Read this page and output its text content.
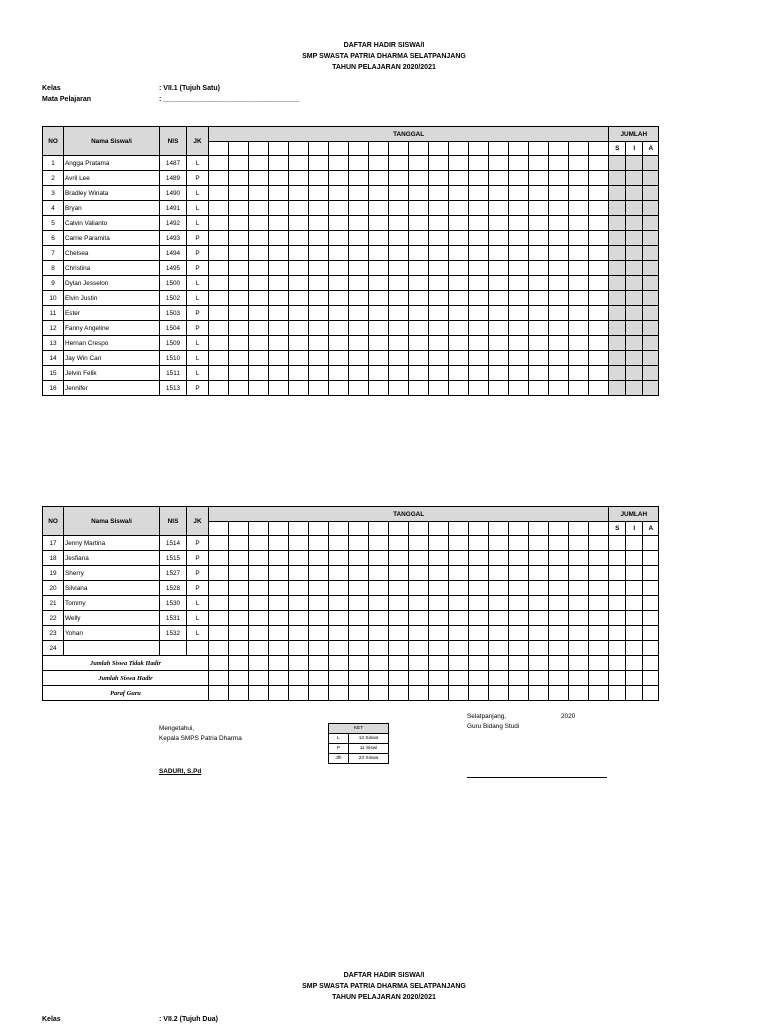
DAFTAR HADIR SISWA/I
SMP SWASTA PATRIA DHARMA SELATPANJANG
TAHUN PELAJARAN 2020/2021
Kelas	: VII.1 (Tujuh Satu)
Mata Pelajaran	: ___________________________________
NO	Nama Siswa/i	NIS	JK	TANGGAL																				JUMLAH		
																								S	I	A
1	Angga Pratama	1487	L																							
2	Avril Lee	1489	P																							
3	Bradley Winata	1490	L																							
4	Bryan	1491	L																							
5	Calvin Valianto	1492	L																							
6	Carrie Paramita	1493	P																							
7	Chelsea	1494	P																							
8	Christina	1495	P																							
9	Dylan Jesselon	1500	L																							
10	Elvin Justin	1502	L																							
11	Ester	1503	P																							
12	Fanny Angeline	1504	P																							
13	Hernan Crespo	1509	L																							
14	Jay Win Can	1510	L																							
15	Jelvin Felik	1511	L																							
16	Jennifer	1513	P																							
NO	Nama Siswa/i	NIS	JK	TANGGAL																				JUMLAH		
																								S	I	A
17	Jenny Martina	1514	P																							
18	Jesfiana	1515	P																							
19	Sherry	1527	P																							
20	Silviana	1528	P																							
21	Tommy	1530	L																							
22	Welly	1531	L																							
23	Yohan	1532	L																							
24																										
Jumlah Siswa Tidak Hadir																										
Jumlah Siswa Hadir																										
Paraf Guru																										
Mengetahui,
Kepala SMPS Patria Dharma
SADURI, S.Pd
KET	
L	12 Siswa
P	11 Siswi
Jlh	23 Siswa
Selatpanjang,	2020
Guru Bidang Studi
DAFTAR HADIR SISWA/I
SMP SWASTA PATRIA DHARMA SELATPANJANG
TAHUN PELAJARAN 2020/2021
Kelas	: VII.2 (Tujuh Dua)
